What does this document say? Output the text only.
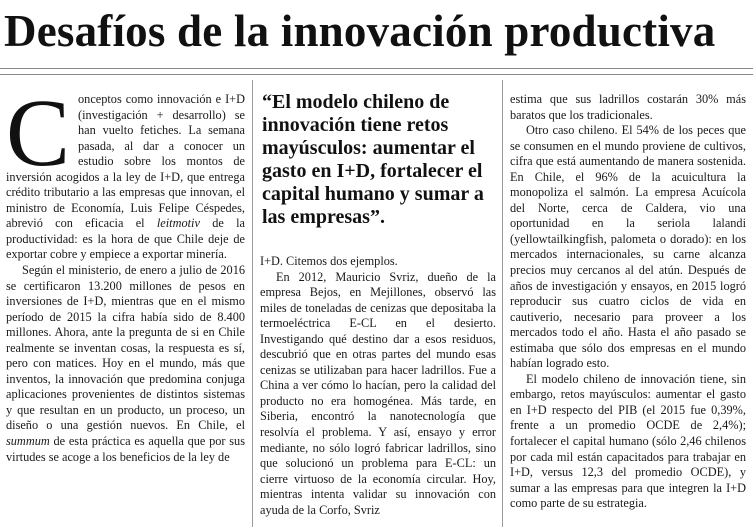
Desafíos de la innovación productiva

Conceptos como innovación e I+D (investigación + desarrollo) se han vuelto fetiches. La semana pasada, al dar a conocer un estudio sobre los montos de inversión acogidos a la ley de I+D, que entrega crédito tributario a las empresas que innovan, el ministro de Economía, Luis Felipe Céspedes, abrevió con eficacia el leitmotiv de la productividad: es la hora de que Chile deje de exportar cobre y empiece a exportar minería.

Según el ministerio, de enero a julio de 2016 se certificaron 13.200 millones de pesos en inversiones de I+D, mientras que en el mismo período de 2015 la cifra había sido de 8.400 millones. Ahora, ante la pregunta de si en Chile realmente se inventan cosas, la respuesta es sí, pero con matices. Hoy en el mundo, más que inventos, la innovación que predomina conjuga aplicaciones provenientes de distintos sistemas y que resultan en un producto, un proceso, un diseño o una gestión nuevos. En Chile, el summum de esta práctica es aquella que por sus virtudes se acoge a los beneficios de la ley de

“El modelo chileno de innovación tiene retos mayúsculos: aumentar el gasto en I+D, fortalecer el capital humano y sumar a las empresas”.

I+D. Citemos dos ejemplos.

En 2012, Mauricio Svriz, dueño de la empresa Bejos, en Mejillones, observó las miles de toneladas de cenizas que depositaba la termoeléctrica E-CL en el desierto. Investigando qué destino dar a esos residuos, descubrió que en otras partes del mundo esas cenizas se utilizaban para hacer ladrillos. Fue a China a ver cómo lo hacían, pero la calidad del producto no era homogénea. Más tarde, en Siberia, encontró la nanotecnología que resolvía el problema. Y así, ensayo y error mediante, no sólo logró fabricar ladrillos, sino que solucionó un problema para E-CL: un cierre virtuoso de la economía circular. Hoy, mientras intenta validar su innovación con ayuda de la Corfo, Svriz

estima que sus ladrillos costarán 30% más baratos que los tradicionales.

Otro caso chileno. El 54% de los peces que se consumen en el mundo proviene de cultivos, cifra que está aumentando de manera sostenida. En Chile, el 96% de la acuicultura la monopoliza el salmón. La empresa Acuícola del Norte, cerca de Caldera, vio una oportunidad en la seriola lalandi (yellowtailkingfish, palometa o dorado): en los mercados internacionales, su carne alcanza precios muy cercanos al del atún. Después de años de investigación y ensayos, en 2015 logró reproducir sus cuatro ciclos de vida en cautiverio, necesario para proveer a los mercados todo el año. Hasta el año pasado se estimaba que sólo dos empresas en el mundo habían logrado esto.

El modelo chileno de innovación tiene, sin embargo, retos mayúsculos: aumentar el gasto en I+D respecto del PIB (el 2015 fue 0,39%, frente a un promedio OCDE de 2,4%); fortalecer el capital humano (sólo 2,46 chilenos por cada mil están capacitados para trabajar en I+D, versus 12,3 del promedio OCDE), y sumar a las empresas para que integren la I+D como parte de su estrategia.
